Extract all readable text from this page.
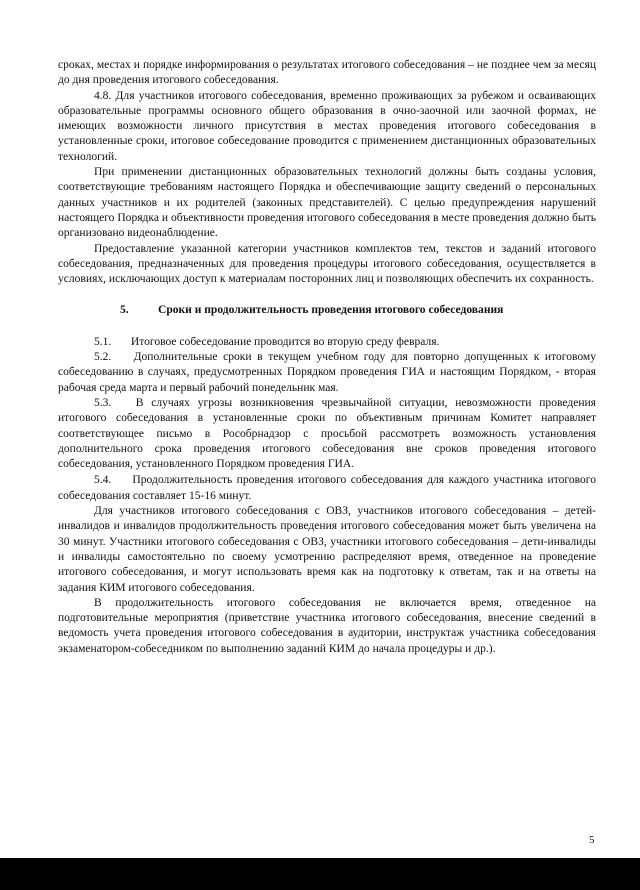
сроках, местах и порядке информирования о результатах итогового собеседования – не позднее чем за месяц до дня проведения итогового собеседования.

4.8. Для участников итогового собеседования, временно проживающих за рубежом и осваивающих образовательные программы основного общего образования в очно-заочной или заочной формах, не имеющих возможности личного присутствия в местах проведения итогового собеседования в установленные сроки, итоговое собеседование проводится с применением дистанционных образовательных технологий.

При применении дистанционных образовательных технологий должны быть созданы условия, соответствующие требованиям настоящего Порядка и обеспечивающие защиту сведений о персональных данных участников и их родителей (законных представителей). С целью предупреждения нарушений настоящего Порядка и объективности проведения итогового собеседования в месте проведения должно быть организовано видеонаблюдение.

Предоставление указанной категории участников комплектов тем, текстов и заданий итогового собеседования, предназначенных для проведения процедуры итогового собеседования, осуществляется в условиях, исключающих доступ к материалам посторонних лиц и позволяющих обеспечить их сохранность.

5.	Сроки и продолжительность проведения итогового собеседования

5.1. Итоговое собеседование проводится во вторую среду февраля.

5.2. Дополнительные сроки в текущем учебном году для повторно допущенных к итоговому собеседованию в случаях, предусмотренных Порядком проведения ГИА и настоящим Порядком, - вторая рабочая среда марта и первый рабочий понедельник мая.

5.3. В случаях угрозы возникновения чрезвычайной ситуации, невозможности проведения итогового собеседования в установленные сроки по объективным причинам Комитет направляет соответствующее письмо в Рособрнадзор с просьбой рассмотреть возможность установления дополнительного срока проведения итогового собеседования вне сроков проведения итогового собеседования, установленного Порядком проведения ГИА.

5.4. Продолжительность проведения итогового собеседования для каждого участника итогового собеседования составляет 15-16 минут.

Для участников итогового собеседования с ОВЗ, участников итогового собеседования – детей-инвалидов и инвалидов продолжительность проведения итогового собеседования может быть увеличена на 30 минут. Участники итогового собеседования с ОВЗ, участники итогового собеседования – дети-инвалиды и инвалиды самостоятельно по своему усмотрению распределяют время, отведенное на проведение итогового собеседования, и могут использовать время как на подготовку к ответам, так и на ответы на задания КИМ итогового собеседования.

В продолжительность итогового собеседования не включается время, отведенное на подготовительные мероприятия (приветствие участника итогового собеседования, внесение сведений в ведомость учета проведения итогового собеседования в аудитории, инструктаж участника собеседования экзаменатором-собеседником по выполнению заданий КИМ до начала процедуры и др.).

5
